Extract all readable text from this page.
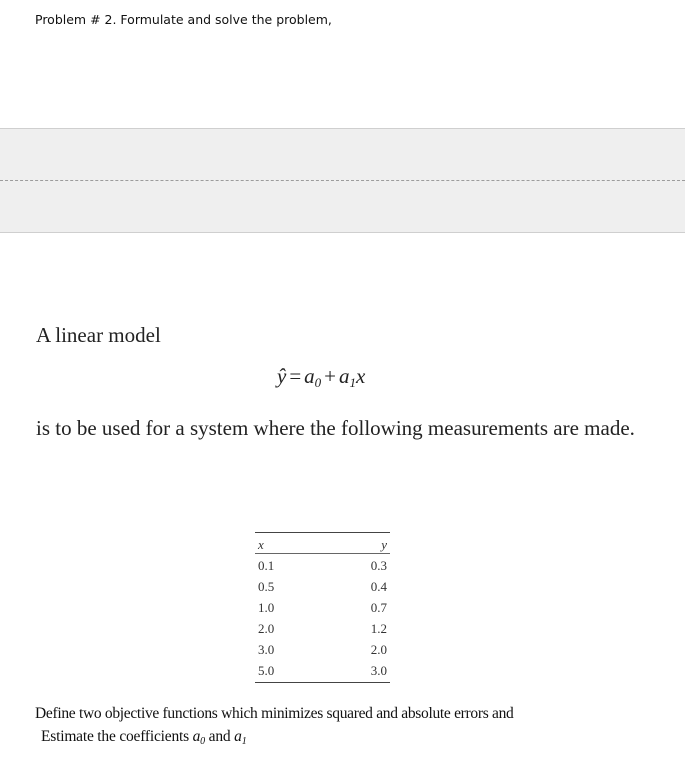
Problem # 2. Formulate and solve the problem,
A linear model
ŷ = $a_0 + a_1x$
is to be used for a system where the following measurements are made.
x	y
0.1	0.3
0.5	0.4
1.0	0.7
2.0	1.2
3.0	2.0
5.0	3.0
Define two objective functions which minimizes squared and absolute errors and
Estimate the coefficients $a_0$ and $a_1$
